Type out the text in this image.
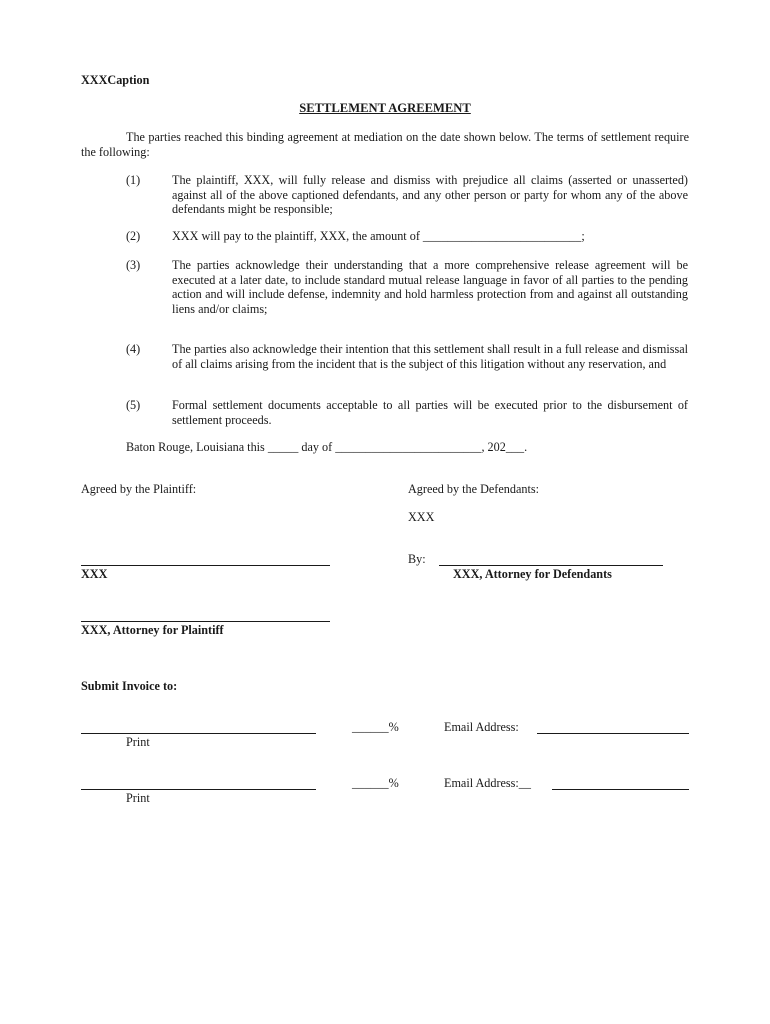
XXXCaption

SETTLEMENT AGREEMENT

The parties reached this binding agreement at mediation on the date shown below. The terms of settlement require the following:

(1)	The plaintiff, XXX, will fully release and dismiss with prejudice all claims (asserted or unasserted) against all of the above captioned defendants, and any other person or party for whom any of the above defendants might be responsible;

(2)	XXX will pay to the plaintiff, XXX, the amount of __________________________;

(3)	The parties acknowledge their understanding that a more comprehensive release agreement will be executed at a later date, to include standard mutual release language in favor of all parties to the pending action and will include defense, indemnity and hold harmless protection from and against all outstanding liens and/or claims;

(4)	The parties also acknowledge their intention that this settlement shall result in a full release and dismissal of all claims arising from the incident that is the subject of this litigation without any reservation, and

(5)	Formal settlement documents acceptable to all parties will be executed prior to the disbursement of settlement proceeds.

Baton Rouge, Louisiana this _____ day of ________________________, 202___.

Agreed by the Plaintiff:	Agreed by the Defendants:

XXX

XXX

By:

XXX, Attorney for Defendants

XXX, Attorney for Plaintiff

Submit Invoice to:

Print

______%	Email Address:

Print

______%	Email Address:__
